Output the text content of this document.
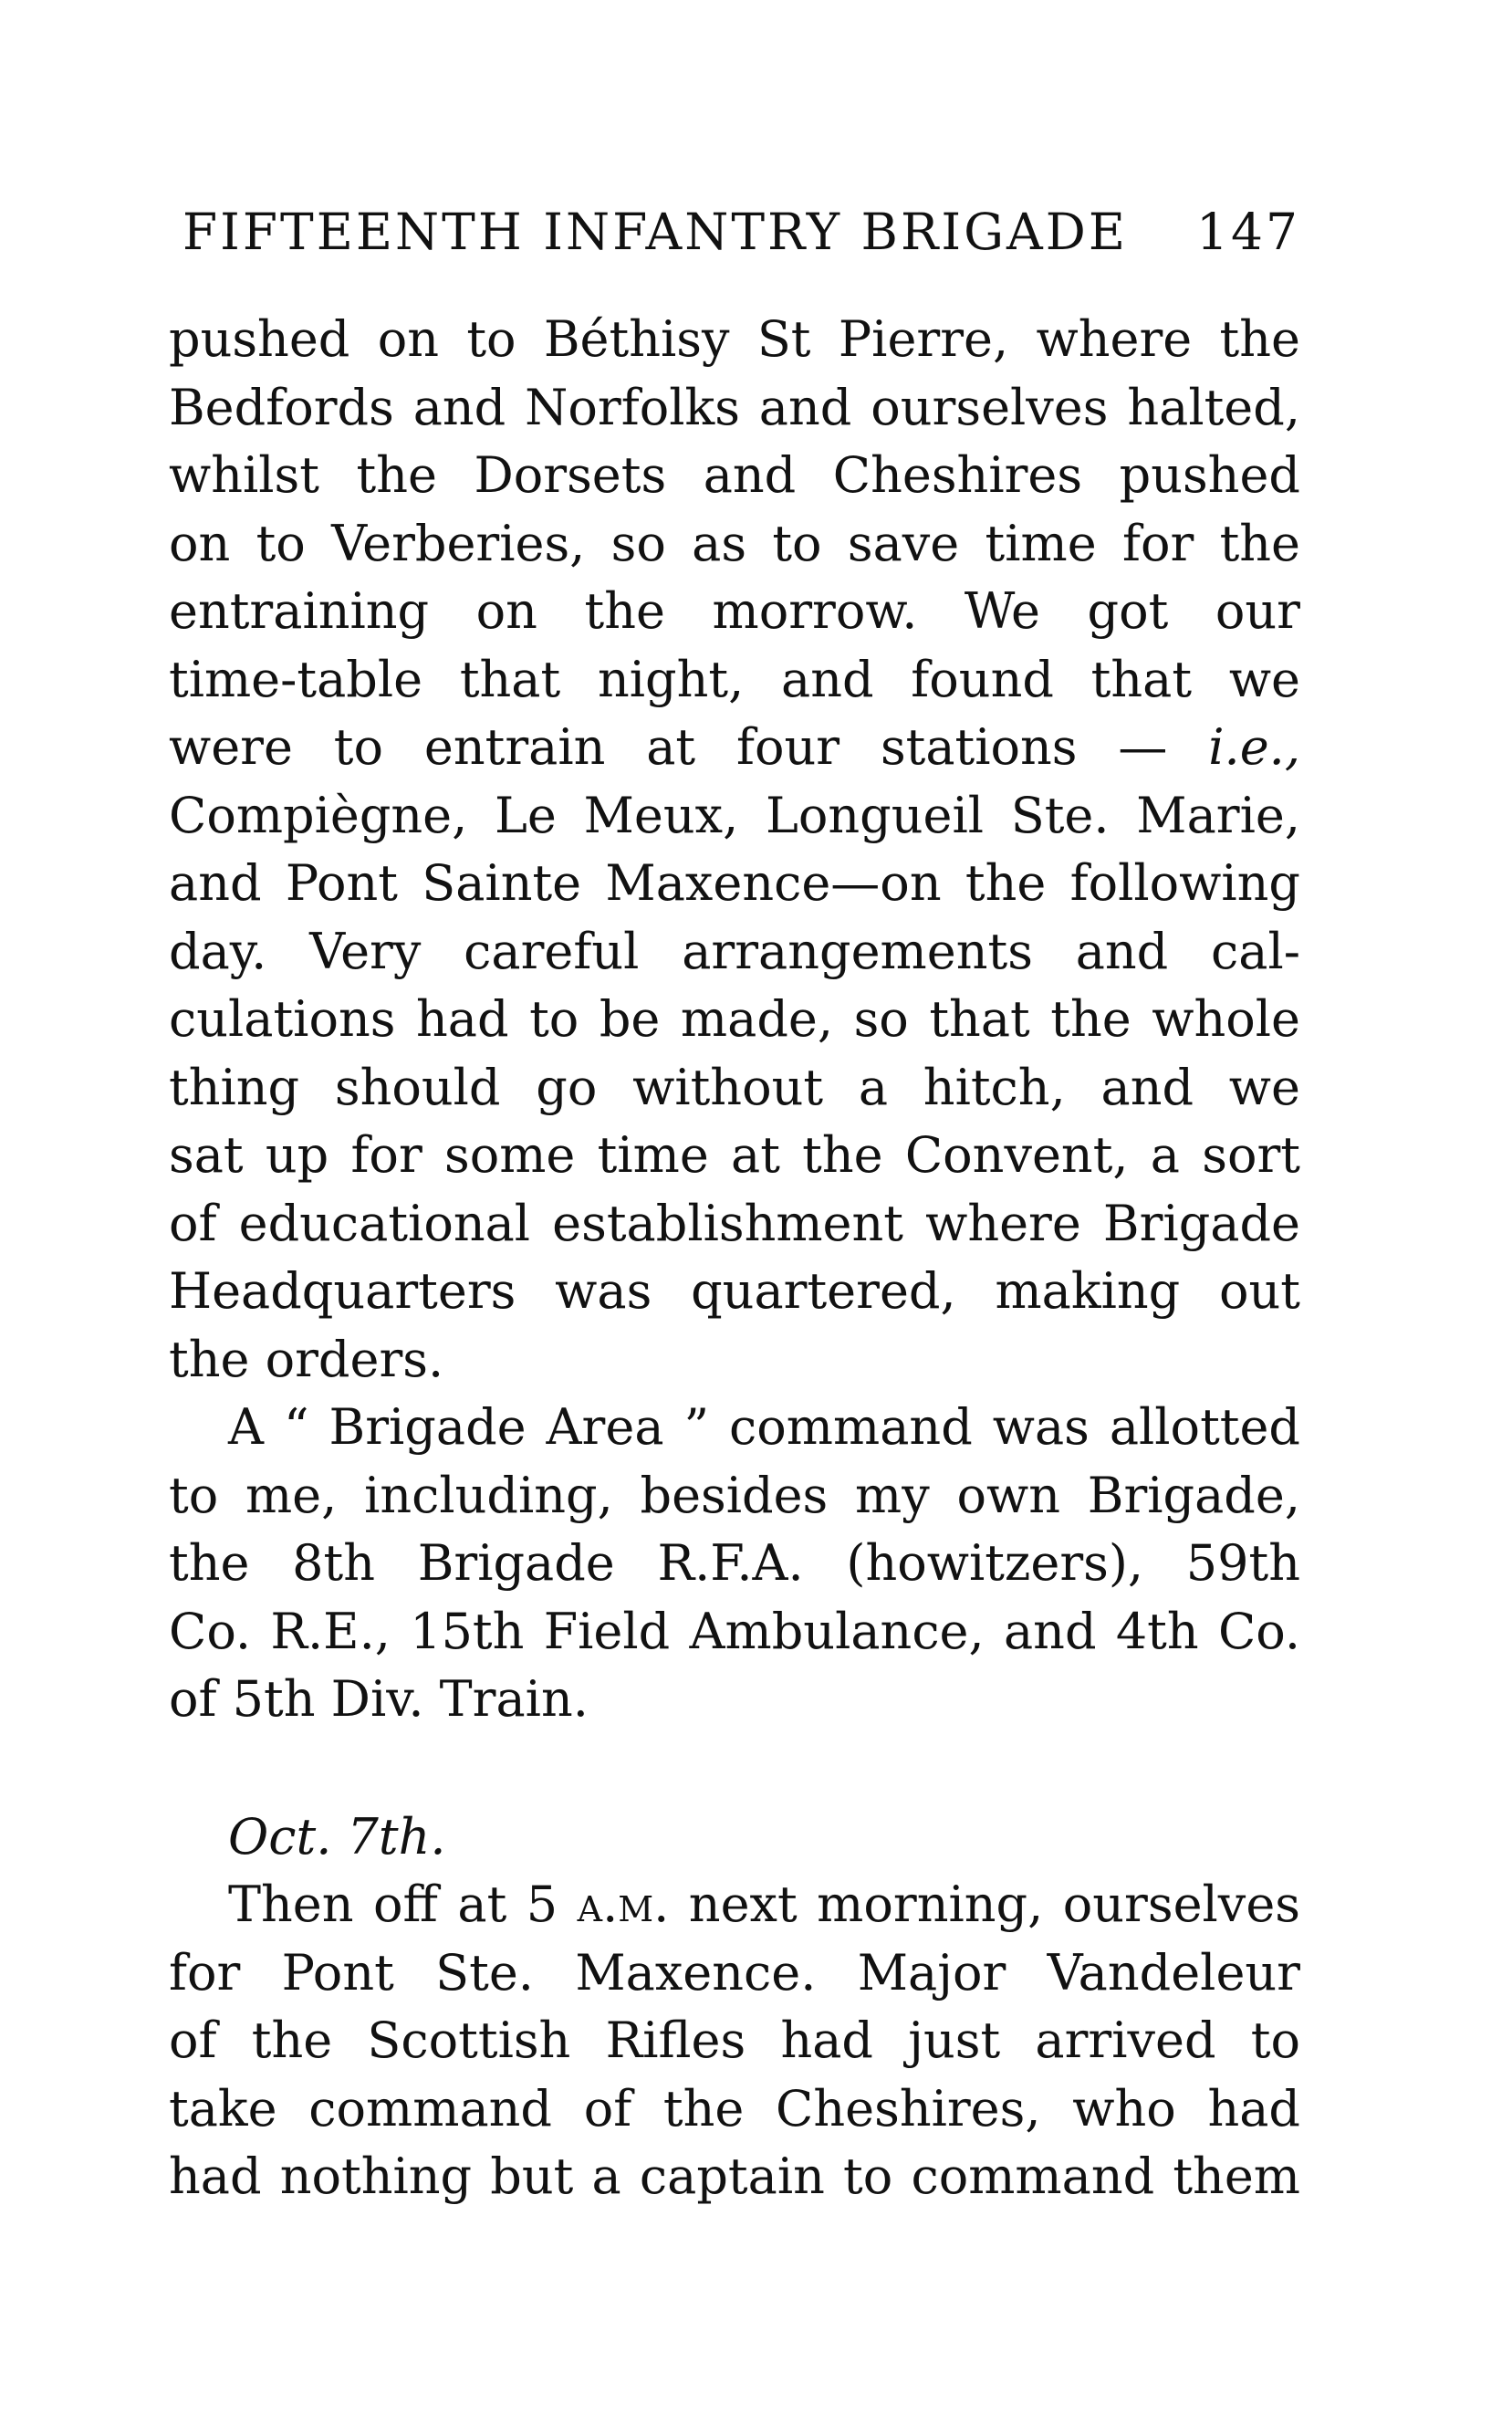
FIFTEENTH INFANTRY BRIGADE 147
pushed on to Béthisy St Pierre, where the
Bedfords and Norfolks and ourselves halted,
whilst the Dorsets and Cheshires pushed
on to Verberies, so as to save time for the
entraining on the morrow. We got our
time-table that night, and found that we
were to entrain at four stations — i.e.,
Compiègne, Le Meux, Longueil Ste. Marie,
and Pont Sainte Maxence—on the following
day. Very careful arrangements and cal-
culations had to be made, so that the whole
thing should go without a hitch, and we
sat up for some time at the Convent, a sort
of educational establishment where Brigade
Headquarters was quartered, making out
the orders.
A “ Brigade Area ” command was allotted
to me, including, besides my own Brigade,
the 8th Brigade R.F.A. (howitzers), 59th
Co. R.E., 15th Field Ambulance, and 4th Co.
of 5th Div. Train.
Oct. 7th.
Then off at 5 a.m. next morning, ourselves
for Pont Ste. Maxence. Major Vandeleur
of the Scottish Rifles had just arrived to
take command of the Cheshires, who had
had nothing but a captain to command them
